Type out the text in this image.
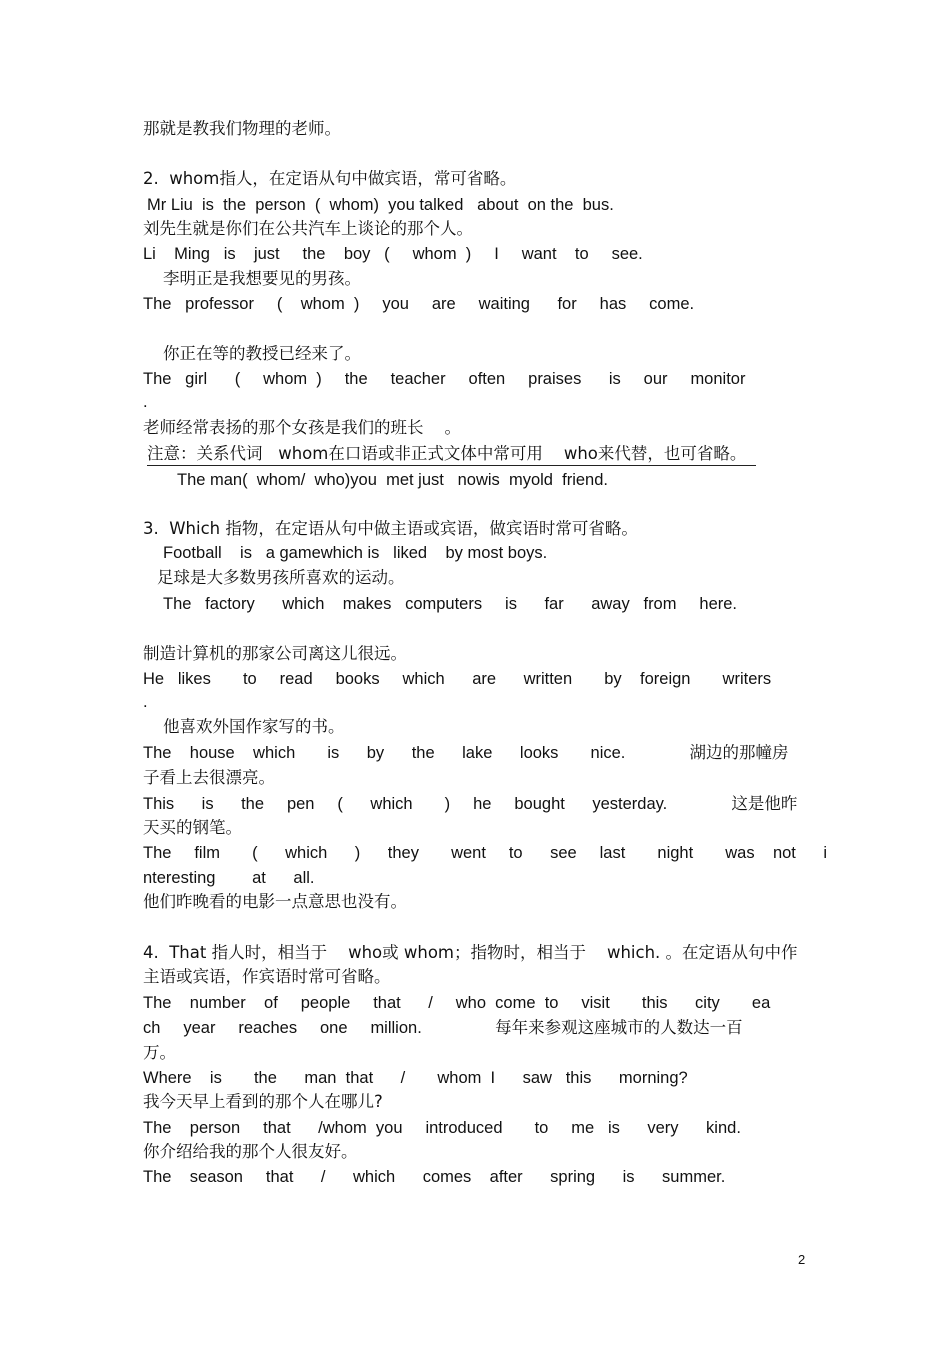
那就是教我们物理的老师。
2.  whom指人，在定语从句中做宾语，常可省略。
Mr Liu  is  the  person  (  whom)  you talked   about  on the  bus.
刘先生就是你们在公共汽车上谈论的那个人。
Li    Ming   is    just     the    boy   (     whom  )     I     want    to     see.
李明正是我想要见的男孩。
The   professor     (    whom  )     you     are     waiting      for     has     come.
你正在等的教授已经来了。
The   girl      (     whom  )     the     teacher     often     praises      is     our     monitor
.
老师经常表扬的那个女孩是我们的班长    。
注意：关系代词   whom在口语或非正式文体中常可用    who来代替，也可省略。
The man(  whom/  who)you  met just   nowis  myold  friend.
3.  Which 指物，在定语从句中做主语或宾语，做宾语时常可省略。
Football    is   a gamewhich is   liked    by most boys.
足球是大多数男孩所喜欢的运动。
The   factory      which    makes   computers     is      far      away   from     here.
制造计算机的那家公司离这儿很远。
He   likes       to     read     books     which      are      written       by    foreign       writers
.
他喜欢外国作家写的书。
The    house    which       is      by      the      lake      looks       nice.              湖边的那幢房
子看上去很漂亮。
This      is      the     pen     (      which       )     he     bought      yesterday.              这是他昨
天买的钢笔。
The     film       (      which      )      they       went     to      see     last       night       was    not      i
nteresting        at      all.
他们昨晚看的电影一点意思也没有。
4.  That 指人时，相当于    who或 whom；指物时，相当于    which. 。在定语从句中作
主语或宾语，作宾语时常可省略。
The    number    of     people     that      /     who  come  to     visit       this      city       ea
ch     year     reaches     one     million.                每年来参观这座城市的人数达一百
万。
Where    is       the      man  that      /       whom  I      saw   this      morning?
我今天早上看到的那个人在哪儿?
The    person     that      /whom  you     introduced       to     me   is      very      kind.
你介绍给我的那个人很友好。
The    season     that      /      which      comes    after      spring      is      summer.
2
